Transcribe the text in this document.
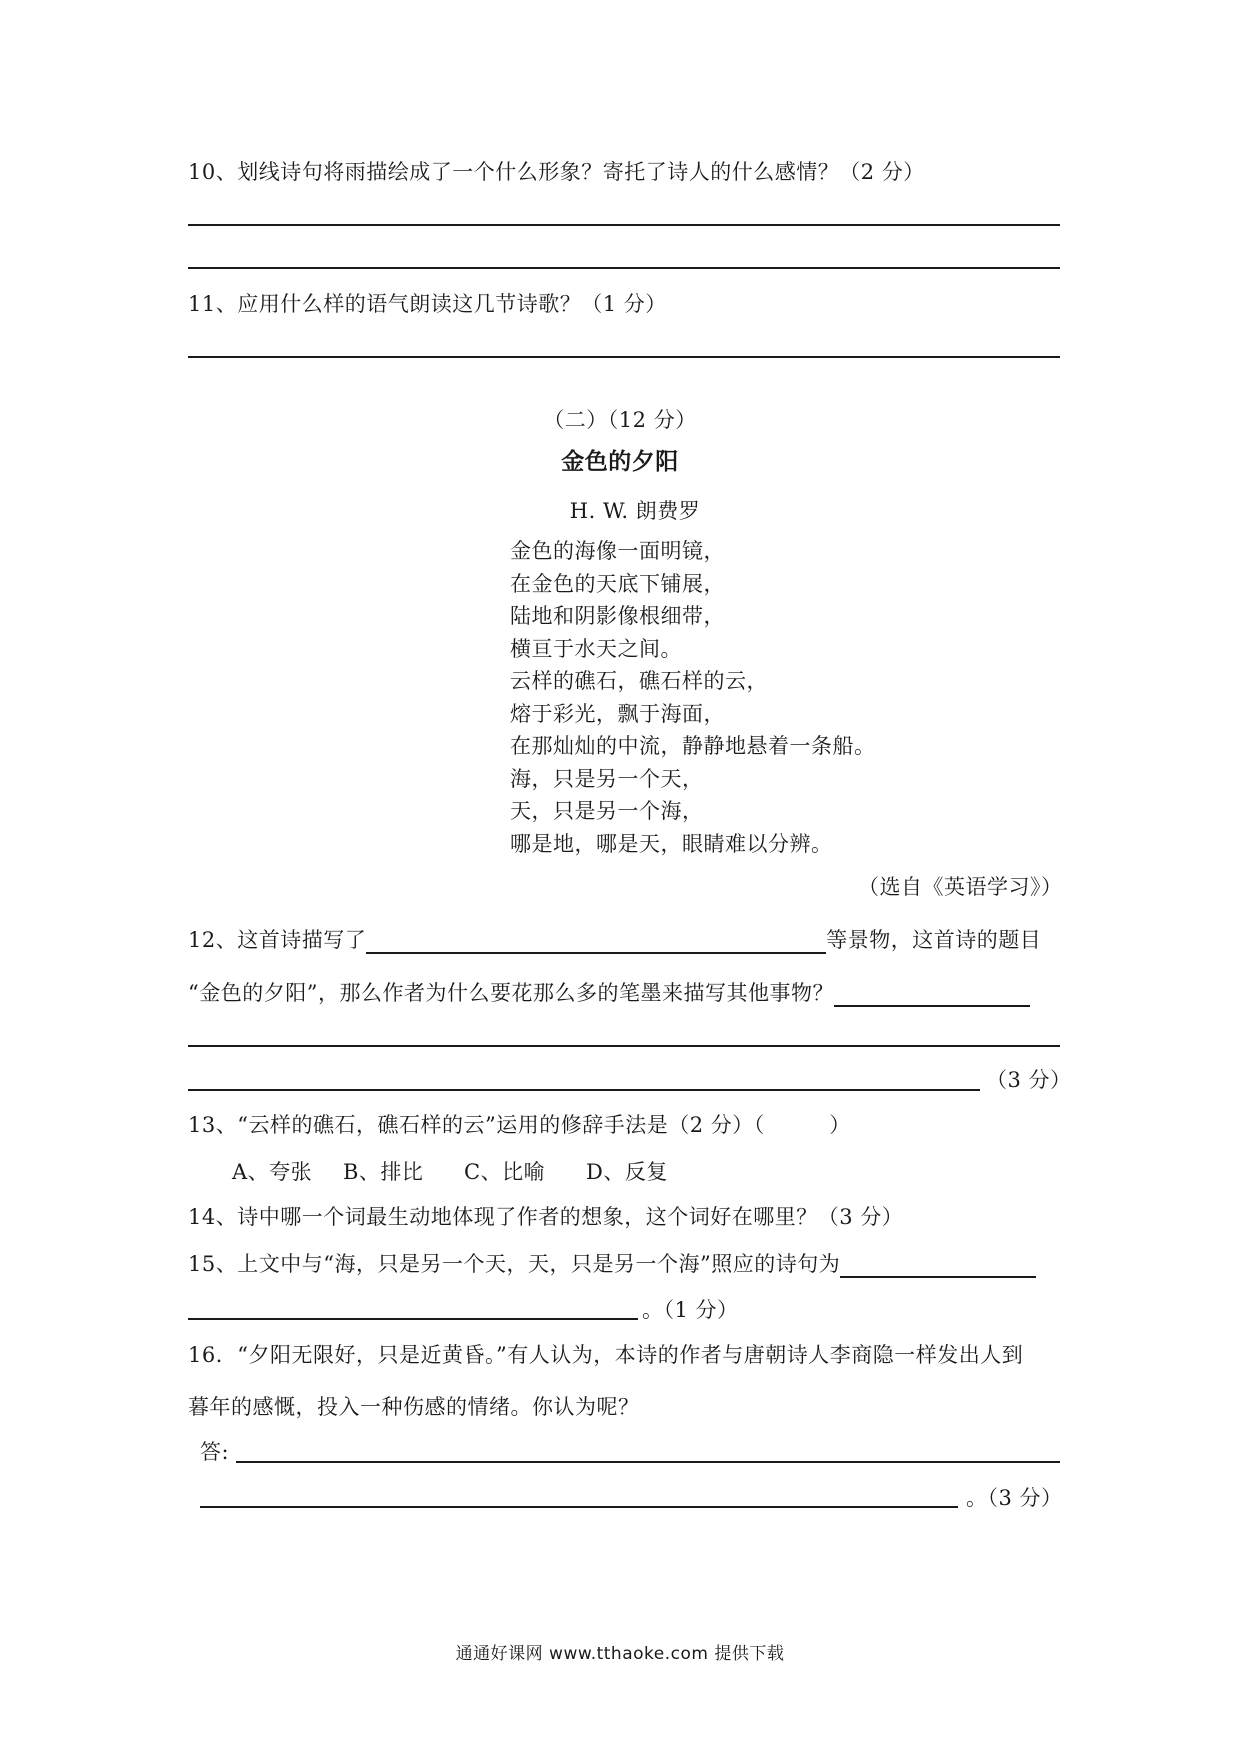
10、划线诗句将雨描绘成了一个什么形象？寄托了诗人的什么感情？（2 分）
11、应用什么样的语气朗读这几节诗歌？（1 分）
（二）（12 分）
金色的夕阳
H. W. 朗费罗
金色的海像一面明镜，
在金色的天底下铺展，
陆地和阴影像根细带，
横亘于水天之间。
云样的礁石，礁石样的云，
熔于彩光，飘于海面，
在那灿灿的中流，静静地悬着一条船。
海，只是另一个天，
天，只是另一个海，
哪是地，哪是天，眼睛难以分辨。
（选自《英语学习》）
12、这首诗描写了	等景物，这首诗的题目
“金色的夕阳”，那么作者为什么要花那么多的笔墨来描写其他事物？
（3 分）
13、“云样的礁石，礁石样的云”运用的修辞手法是（2 分）（　　　）
A、夸张 B、排比 C、比喻 D、反复
14、诗中哪一个词最生动地体现了作者的想象，这个词好在哪里？（3 分）
15、上文中与“海，只是另一个天，天，只是另一个海”照应的诗句为
。（1 分）
16．“夕阳无限好，只是近黄昏。”有人认为，本诗的作者与唐朝诗人李商隐一样发出人到
暮年的感慨，投入一种伤感的情绪。你认为呢？
答:
。（3 分）
通通好课网 www.tthaoke.com 提供下载
